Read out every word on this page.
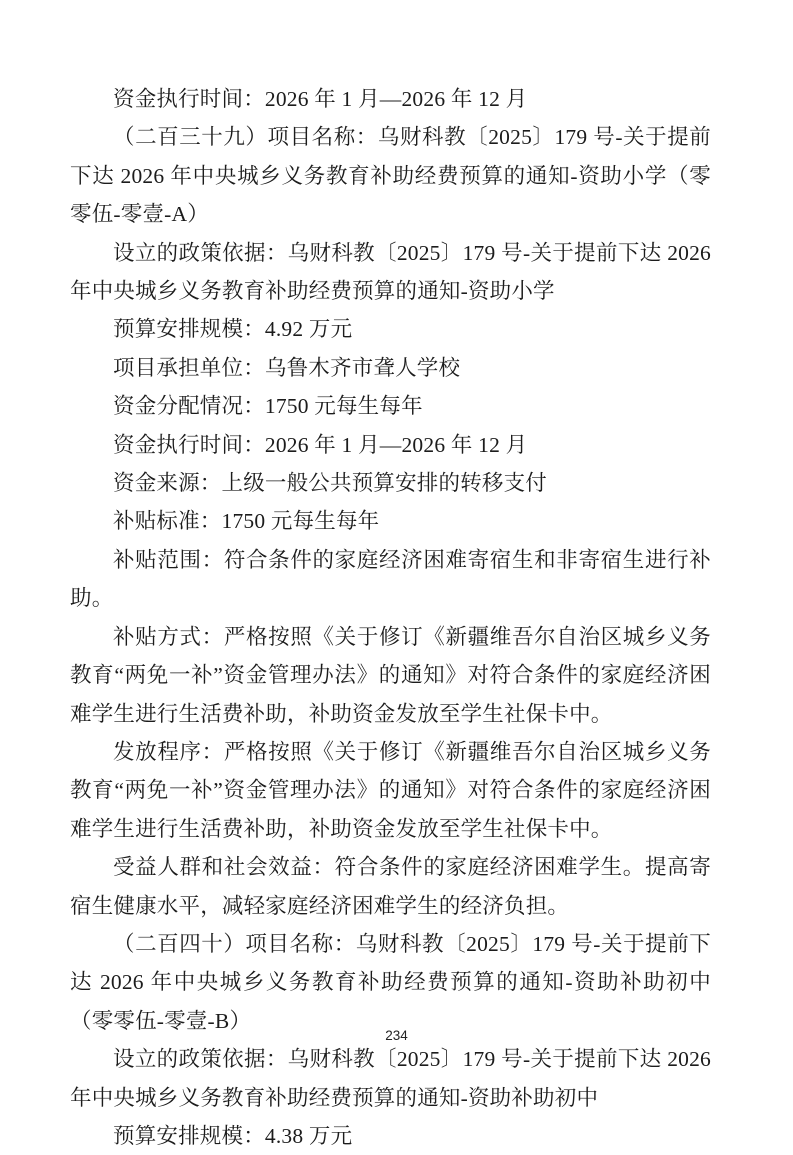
资金执行时间：2026 年 1 月—2026 年 12 月

（二百三十九）项目名称：乌财科教〔2025〕179 号-关于提前下达 2026 年中央城乡义务教育补助经费预算的通知-资助小学（零零伍-零壹-A）

设立的政策依据：乌财科教〔2025〕179 号-关于提前下达 2026 年中央城乡义务教育补助经费预算的通知-资助小学

预算安排规模：4.92 万元

项目承担单位：乌鲁木齐市聋人学校

资金分配情况：1750 元每生每年

资金执行时间：2026 年 1 月—2026 年 12 月

资金来源：上级一般公共预算安排的转移支付

补贴标准：1750 元每生每年

补贴范围：符合条件的家庭经济困难寄宿生和非寄宿生进行补助。

补贴方式：严格按照《关于修订《新疆维吾尔自治区城乡义务教育“两免一补”资金管理办法》的通知》对符合条件的家庭经济困难学生进行生活费补助，补助资金发放至学生社保卡中。

发放程序：严格按照《关于修订《新疆维吾尔自治区城乡义务教育“两免一补”资金管理办法》的通知》对符合条件的家庭经济困难学生进行生活费补助，补助资金发放至学生社保卡中。

受益人群和社会效益：符合条件的家庭经济困难学生。提高寄宿生健康水平，减轻家庭经济困难学生的经济负担。

（二百四十）项目名称：乌财科教〔2025〕179 号-关于提前下达 2026 年中央城乡义务教育补助经费预算的通知-资助补助初中（零零伍-零壹-B）

设立的政策依据：乌财科教〔2025〕179 号-关于提前下达 2026 年中央城乡义务教育补助经费预算的通知-资助补助初中

预算安排规模：4.38 万元

234
